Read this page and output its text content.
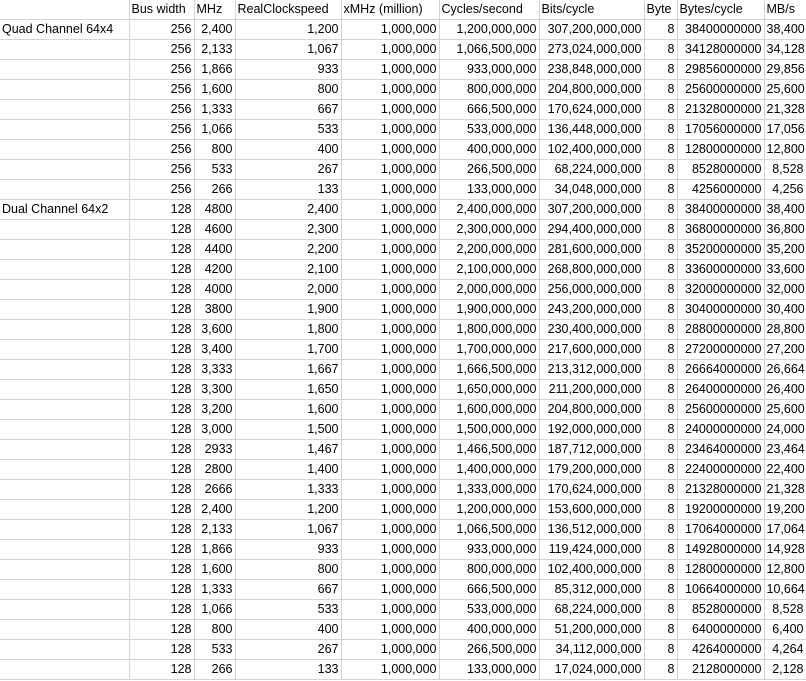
	Bus width	MHz	RealClockspeed	xMHz (million)	Cycles/second	Bits/cycle	Byte	Bytes/cycle	MB/s
Quad Channel 64x4	256	2,400	1,200	1,000,000	1,200,000,000	307,200,000,000	8	38400000000	38,400
	256	2,133	1,067	1,000,000	1,066,500,000	273,024,000,000	8	34128000000	34,128
	256	1,866	933	1,000,000	933,000,000	238,848,000,000	8	29856000000	29,856
	256	1,600	800	1,000,000	800,000,000	204,800,000,000	8	25600000000	25,600
	256	1,333	667	1,000,000	666,500,000	170,624,000,000	8	21328000000	21,328
	256	1,066	533	1,000,000	533,000,000	136,448,000,000	8	17056000000	17,056
	256	800	400	1,000,000	400,000,000	102,400,000,000	8	12800000000	12,800
	256	533	267	1,000,000	266,500,000	68,224,000,000	8	8528000000	8,528
	256	266	133	1,000,000	133,000,000	34,048,000,000	8	4256000000	4,256
Dual Channel 64x2	128	4800	2,400	1,000,000	2,400,000,000	307,200,000,000	8	38400000000	38,400
	128	4600	2,300	1,000,000	2,300,000,000	294,400,000,000	8	36800000000	36,800
	128	4400	2,200	1,000,000	2,200,000,000	281,600,000,000	8	35200000000	35,200
	128	4200	2,100	1,000,000	2,100,000,000	268,800,000,000	8	33600000000	33,600
	128	4000	2,000	1,000,000	2,000,000,000	256,000,000,000	8	32000000000	32,000
	128	3800	1,900	1,000,000	1,900,000,000	243,200,000,000	8	30400000000	30,400
	128	3,600	1,800	1,000,000	1,800,000,000	230,400,000,000	8	28800000000	28,800
	128	3,400	1,700	1,000,000	1,700,000,000	217,600,000,000	8	27200000000	27,200
	128	3,333	1,667	1,000,000	1,666,500,000	213,312,000,000	8	26664000000	26,664
	128	3,300	1,650	1,000,000	1,650,000,000	211,200,000,000	8	26400000000	26,400
	128	3,200	1,600	1,000,000	1,600,000,000	204,800,000,000	8	25600000000	25,600
	128	3,000	1,500	1,000,000	1,500,000,000	192,000,000,000	8	24000000000	24,000
	128	2933	1,467	1,000,000	1,466,500,000	187,712,000,000	8	23464000000	23,464
	128	2800	1,400	1,000,000	1,400,000,000	179,200,000,000	8	22400000000	22,400
	128	2666	1,333	1,000,000	1,333,000,000	170,624,000,000	8	21328000000	21,328
	128	2,400	1,200	1,000,000	1,200,000,000	153,600,000,000	8	19200000000	19,200
	128	2,133	1,067	1,000,000	1,066,500,000	136,512,000,000	8	17064000000	17,064
	128	1,866	933	1,000,000	933,000,000	119,424,000,000	8	14928000000	14,928
	128	1,600	800	1,000,000	800,000,000	102,400,000,000	8	12800000000	12,800
	128	1,333	667	1,000,000	666,500,000	85,312,000,000	8	10664000000	10,664
	128	1,066	533	1,000,000	533,000,000	68,224,000,000	8	8528000000	8,528
	128	800	400	1,000,000	400,000,000	51,200,000,000	8	6400000000	6,400
	128	533	267	1,000,000	266,500,000	34,112,000,000	8	4264000000	4,264
	128	266	133	1,000,000	133,000,000	17,024,000,000	8	2128000000	2,128
